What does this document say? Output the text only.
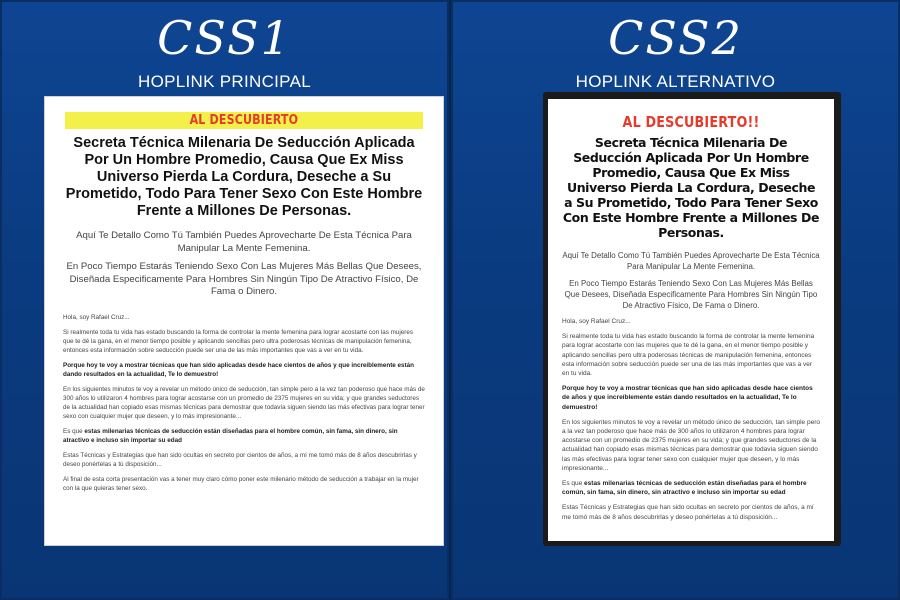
CSS1
HOPLINK PRINCIPAL
CSS2
HOPLINK ALTERNATIVO
AL DESCUBIERTO
Secreta Técnica Milenaria De Seducción Aplicada Por Un Hombre Promedio, Causa Que Ex Miss Universo Pierda La Cordura, Deseche a Su Prometido, Todo Para Tener Sexo Con Este Hombre Frente a Millones De Personas.
Aquí Te Detallo Como Tú También Puedes Aprovecharte De Esta Técnica Para Manipular La Mente Femenina.
En Poco Tiempo Estarás Teniendo Sexo Con Las Mujeres Más Bellas Que Desees, Diseñada Especificamente Para Hombres Sin Ningún Tipo De Atractivo Físico, De Fama o Dinero.

Hola, soy Rafael Cruz...

Si realmente toda tu vida has estado buscando la forma de controlar la mente femenina para lograr acostarte con las mujeres que te dé la gana, en el menor tiempo posible y aplicando sencillas pero ultra poderosas técnicas de manipulación femenina, entonces esta información sobre seducción puede ser una de las más importantes que vas a ver en tu vida.

Porque hoy te voy a mostrar técnicas que han sido aplicadas desde hace cientos de años y que increíblemente están dando resultados en la actualidad, Te lo demuestro!

En los siguientes minutos te voy a revelar un método único de seducción, tan simple pero a la vez tan poderoso que hace más de 300 años lo utilizaron 4 hombres para lograr acostarse con un promedio de 2375 mujeres en su vida; y que grandes seductores de la actualidad han copiado esas mismas técnicas para demostrar que todavía siguen siendo las más efectivas para lograr tener sexo con cualquier mujer que deseen, y lo más impresionante...

Es que estas milenarias técnicas de seducción están diseñadas para el hombre común, sin fama, sin dinero, sin atractivo e incluso sin importar su edad

Estas Técnicas y Estrategias que han sido ocultas en secreto por cientos de años, a mí me tomó más de 8 años descubrirlas y deseo ponértelas a tú disposición...

Al final de esta corta presentación vas a tener muy claro cómo poner este milenario método de seducción a trabajar en la mujer con la que quieras tener sexo.

AL DESCUBIERTO!!
Secreta Técnica Milenaria De Seducción Aplicada Por Un Hombre Promedio, Causa Que Ex Miss Universo Pierda La Cordura, Deseche a Su Prometido, Todo Para Tener Sexo Con Este Hombre Frente a Millones De Personas.
Aquí Te Detallo Como Tú También Puedes Aprovecharte De Esta Técnica Para Manipular La Mente Femenina.
En Poco Tiempo Estarás Teniendo Sexo Con Las Mujeres Más Bellas Que Desees, Diseñada Especificamente Para Hombres Sin Ningún Tipo De Atractivo Físico, De Fama o Dinero.

Hola, soy Rafael Cruz...

Si realmente toda tu vida has estado buscando la forma de controlar la mente femenina para lograr acostarte con las mujeres que te dé la gana, en el menor tiempo posible y aplicando sencillas pero ultra poderosas técnicas de manipulación femenina, entonces esta información sobre seducción puede ser una de las más importantes que vas a ver en tu vida.

Porque hoy te voy a mostrar técnicas que han sido aplicadas desde hace cientos de años y que increíblemente están dando resultados en la actualidad, Te lo demuestro!

En los siguientes minutos te voy a revelar un método único de seducción, tan simple pero a la vez tan poderoso que hace más de 300 años lo utilizaron 4 hombres para lograr acostarse con un promedio de 2375 mujeres en su vida; y que grandes seductores de la actualidad han copiado esas mismas técnicas para demostrar que todavía siguen siendo las más efectivas para lograr tener sexo con cualquier mujer que deseen, y lo más impresionante...

Es que estas milenarias técnicas de seducción están diseñadas para el hombre común, sin fama, sin dinero, sin atractivo e incluso sin importar su edad

Estas Técnicas y Estrategias que han sido ocultas en secreto por cientos de años, a mí me tomó más de 8 años descubrirlas y deseo ponértelas a tú disposición...
